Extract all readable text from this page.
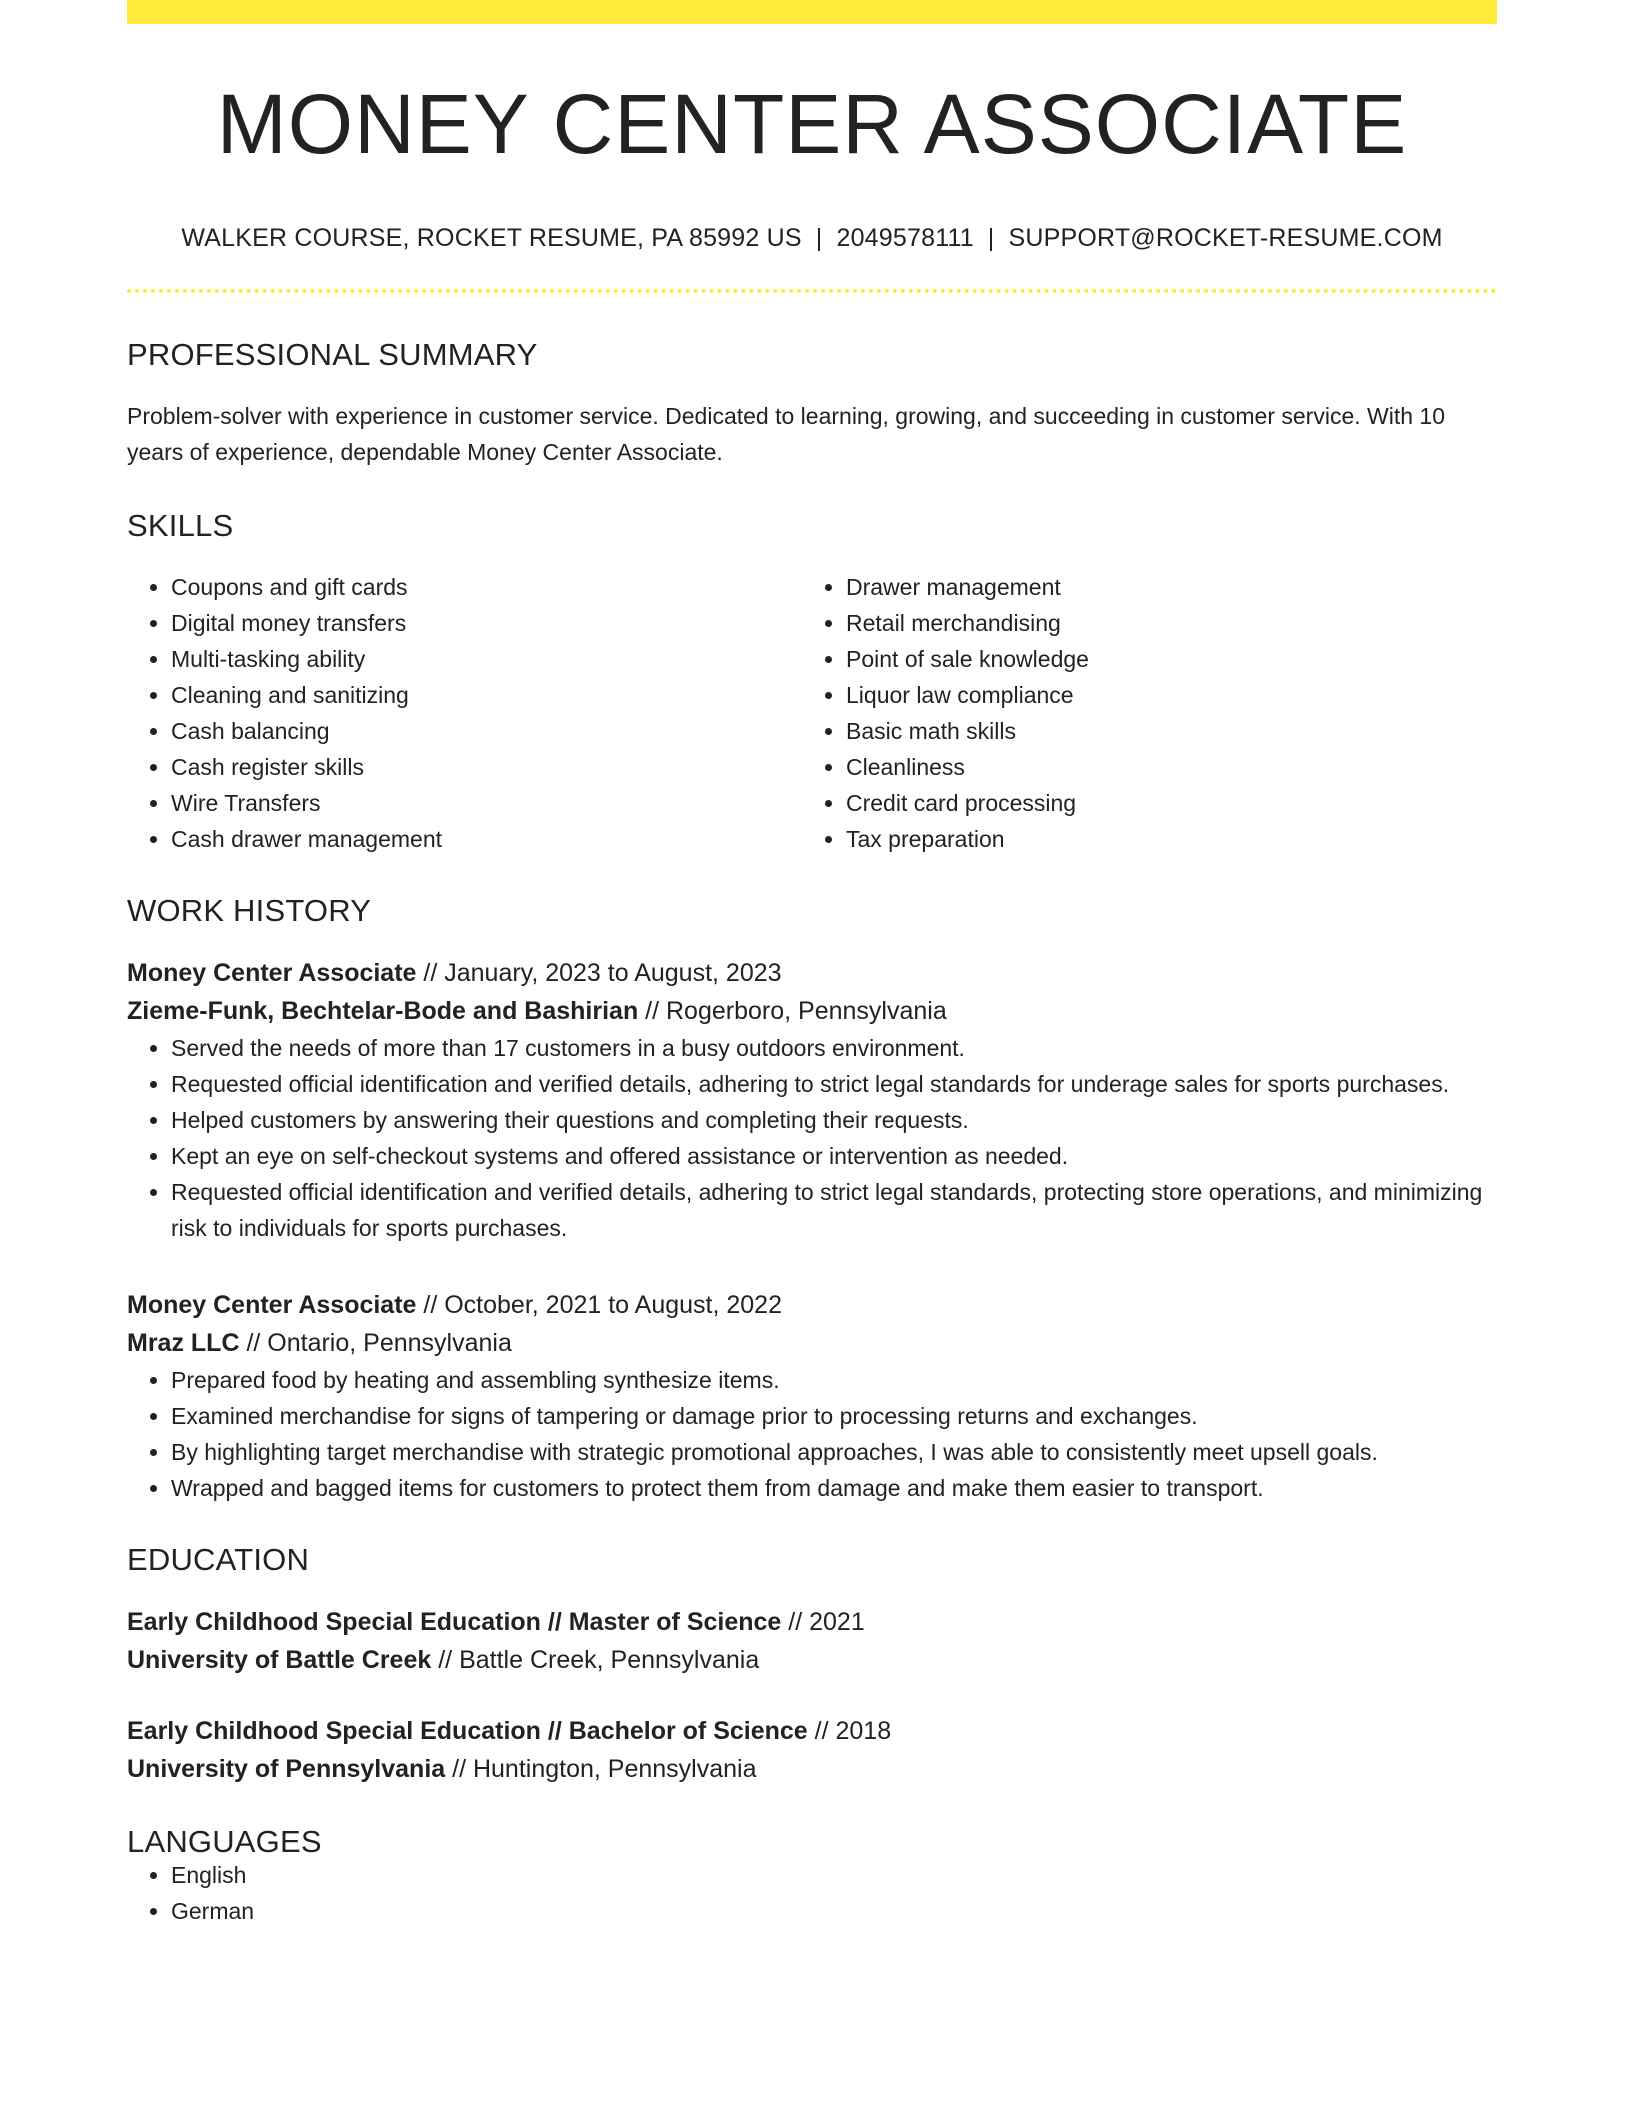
MONEY CENTER ASSOCIATE
WALKER COURSE, ROCKET RESUME, PA 85992 US | 2049578111 | SUPPORT@ROCKET-RESUME.COM
PROFESSIONAL SUMMARY
Problem-solver with experience in customer service. Dedicated to learning, growing, and succeeding in customer service. With 10 years of experience, dependable Money Center Associate.
SKILLS
• Coupons and gift cards
• Digital money transfers
• Multi-tasking ability
• Cleaning and sanitizing
• Cash balancing
• Cash register skills
• Wire Transfers
• Cash drawer management
• Drawer management
• Retail merchandising
• Point of sale knowledge
• Liquor law compliance
• Basic math skills
• Cleanliness
• Credit card processing
• Tax preparation
WORK HISTORY
Money Center Associate // January, 2023 to August, 2023
Zieme-Funk, Bechtelar-Bode and Bashirian // Rogerboro, Pennsylvania
• Served the needs of more than 17 customers in a busy outdoors environment.
• Requested official identification and verified details, adhering to strict legal standards for underage sales for sports purchases.
• Helped customers by answering their questions and completing their requests.
• Kept an eye on self-checkout systems and offered assistance or intervention as needed.
• Requested official identification and verified details, adhering to strict legal standards, protecting store operations, and minimizing risk to individuals for sports purchases.
Money Center Associate // October, 2021 to August, 2022
Mraz LLC // Ontario, Pennsylvania
• Prepared food by heating and assembling synthesize items.
• Examined merchandise for signs of tampering or damage prior to processing returns and exchanges.
• By highlighting target merchandise with strategic promotional approaches, I was able to consistently meet upsell goals.
• Wrapped and bagged items for customers to protect them from damage and make them easier to transport.
EDUCATION
Early Childhood Special Education // Master of Science // 2021
University of Battle Creek // Battle Creek, Pennsylvania
Early Childhood Special Education // Bachelor of Science // 2018
University of Pennsylvania // Huntington, Pennsylvania
LANGUAGES
• English
• German
